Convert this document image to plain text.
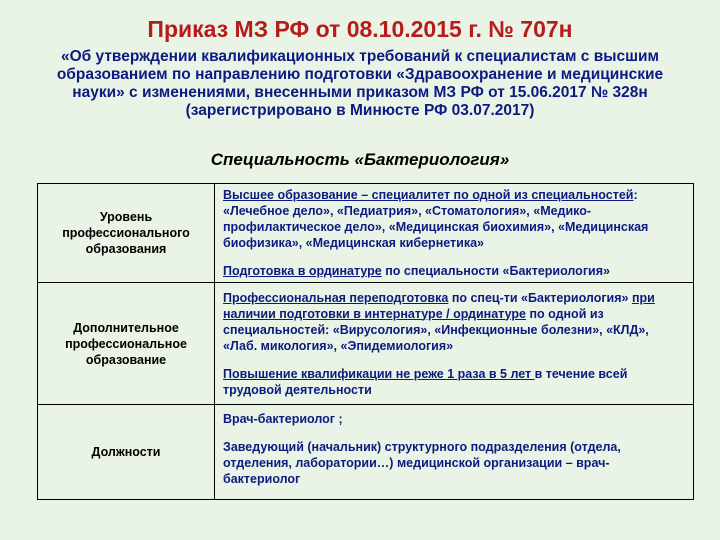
Приказ МЗ РФ от 08.10.2015 г. № 707н

«Об утверждении квалификационных требований к специалистам с высшим образованием по направлению подготовки «Здравоохранение и медицинские науки» с изменениями, внесенными приказом МЗ РФ от 15.06.2017 № 328н (зарегистрировано в Минюсте РФ 03.07.2017)

Специальность «Бактериология»
Уровень профессионального образования	Высшее образование – специалитет по одной из специальностей: «Лечебное дело», «Педиатрия», «Стоматология», «Медико-профилактическое дело», «Медицинская биохимия», «Медицинская биофизика», «Медицинская кибернетика»

Подготовка в ординатуре по специальности «Бактериология»

Дополнительное профессиональное образование	Профессиональная переподготовка по спец-ти «Бактериология» при наличии подготовки в интернатуре / ординатуре по одной из специальностей: «Вирусология», «Инфекционные болезни», «КЛД», «Лаб. микология», «Эпидемиология»

Повышение квалификации не реже 1 раза в 5 лет в течение всей трудовой деятельности

Должности	Врач-бактериолог ;

Заведующий (начальник) структурного подразделения (отдела, отделения, лаборатории…) медицинской организации – врач-бактериолог
